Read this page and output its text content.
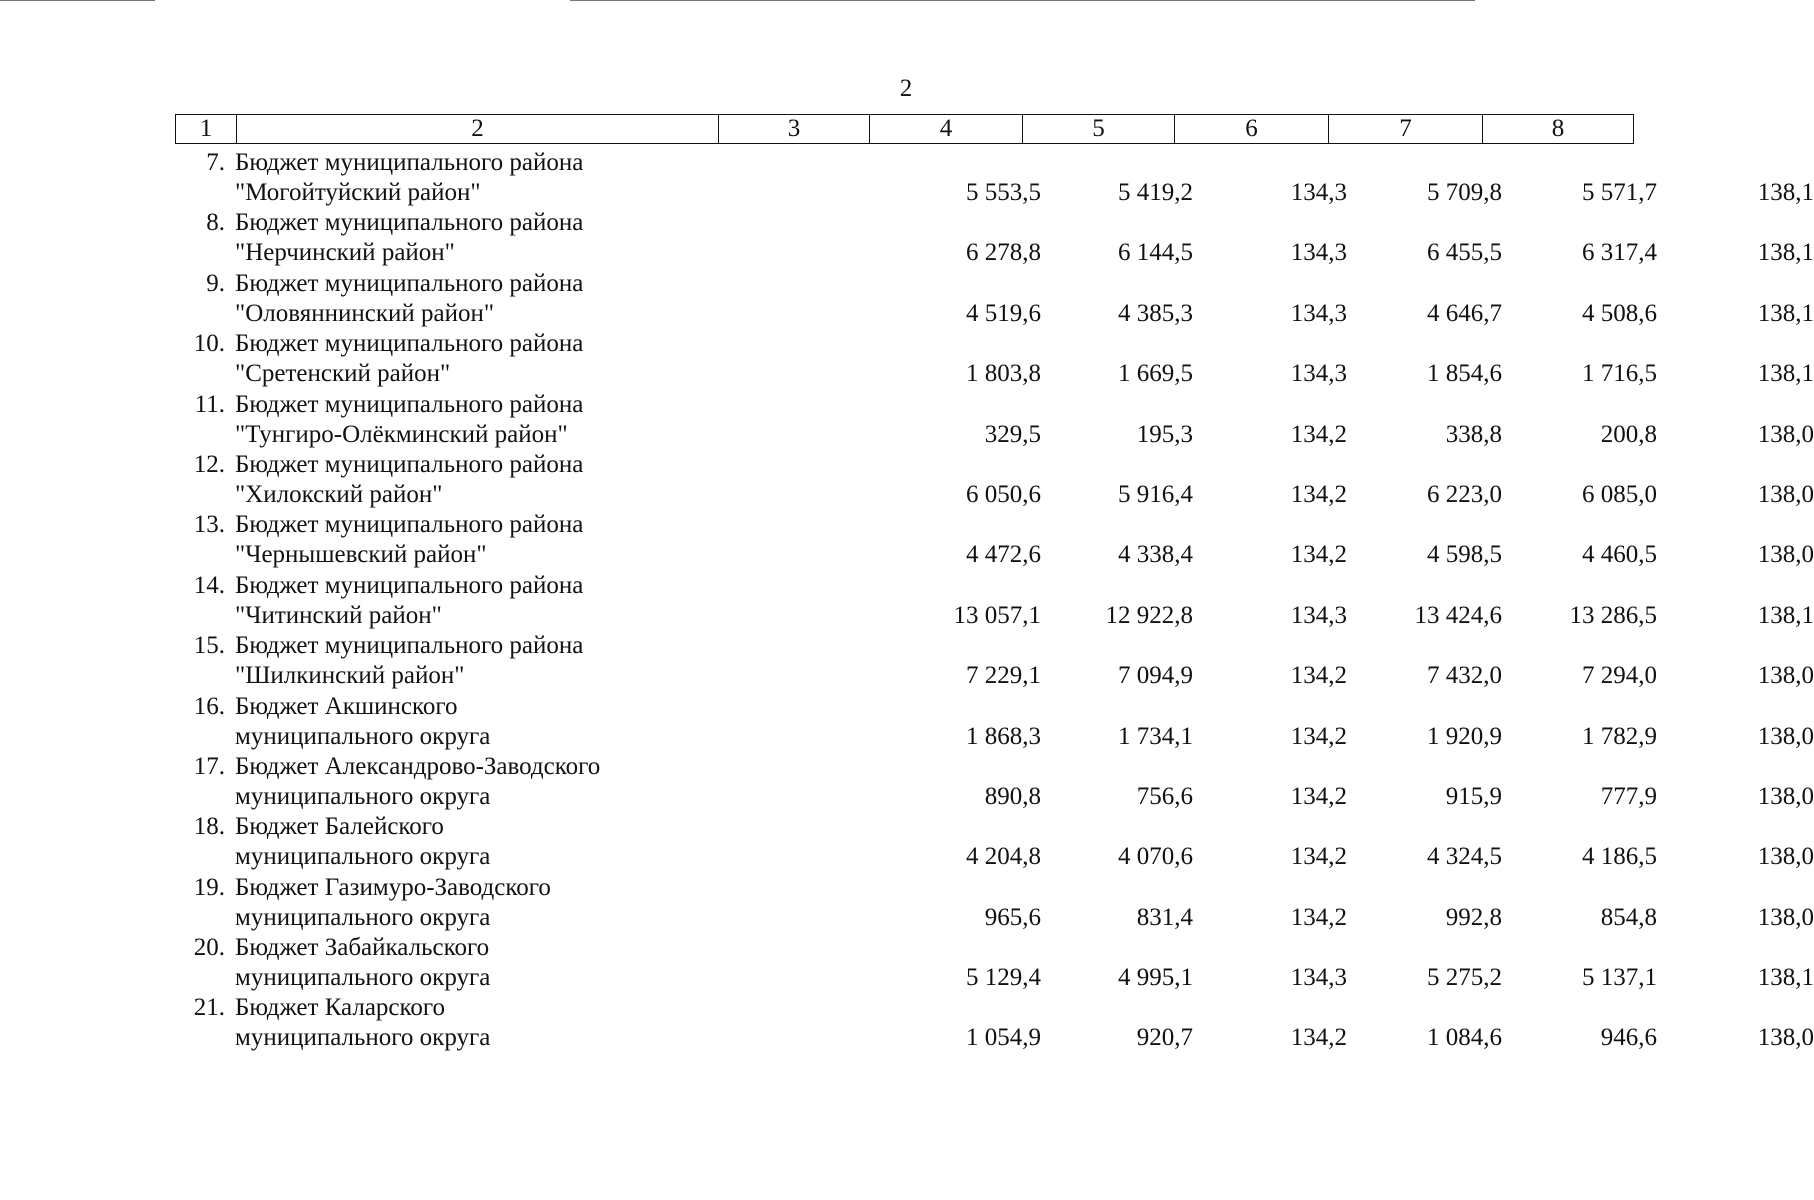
2
1	2	3	4	5	6	7	8
7. Бюджет муниципального района
"Могойтуйский район"	5 553,5	5 419,2	134,3	5 709,8	5 571,7	138,1
8. Бюджет муниципального района
"Нерчинский район"	6 278,8	6 144,5	134,3	6 455,5	6 317,4	138,1
9. Бюджет муниципального района
"Оловяннинский район"	4 519,6	4 385,3	134,3	4 646,7	4 508,6	138,1
10. Бюджет муниципального района
"Сретенский район"	1 803,8	1 669,5	134,3	1 854,6	1 716,5	138,1
11. Бюджет муниципального района
"Тунгиро-Олёкминский район"	329,5	195,3	134,2	338,8	200,8	138,0
12. Бюджет муниципального района
"Хилокский район"	6 050,6	5 916,4	134,2	6 223,0	6 085,0	138,0
13. Бюджет муниципального района
"Чернышевский район"	4 472,6	4 338,4	134,2	4 598,5	4 460,5	138,0
14. Бюджет муниципального района
"Читинский район"	13 057,1	12 922,8	134,3	13 424,6	13 286,5	138,1
15. Бюджет муниципального района
"Шилкинский район"	7 229,1	7 094,9	134,2	7 432,0	7 294,0	138,0
16. Бюджет Акшинского
муниципального округа	1 868,3	1 734,1	134,2	1 920,9	1 782,9	138,0
17. Бюджет Александрово-Заводского
муниципального округа	890,8	756,6	134,2	915,9	777,9	138,0
18. Бюджет Балейского
муниципального округа	4 204,8	4 070,6	134,2	4 324,5	4 186,5	138,0
19. Бюджет Газимуро-Заводского
муниципального округа	965,6	831,4	134,2	992,8	854,8	138,0
20. Бюджет Забайкальского
муниципального округа	5 129,4	4 995,1	134,3	5 275,2	5 137,1	138,1
21. Бюджет Каларского
муниципального округа	1 054,9	920,7	134,2	1 084,6	946,6	138,0
